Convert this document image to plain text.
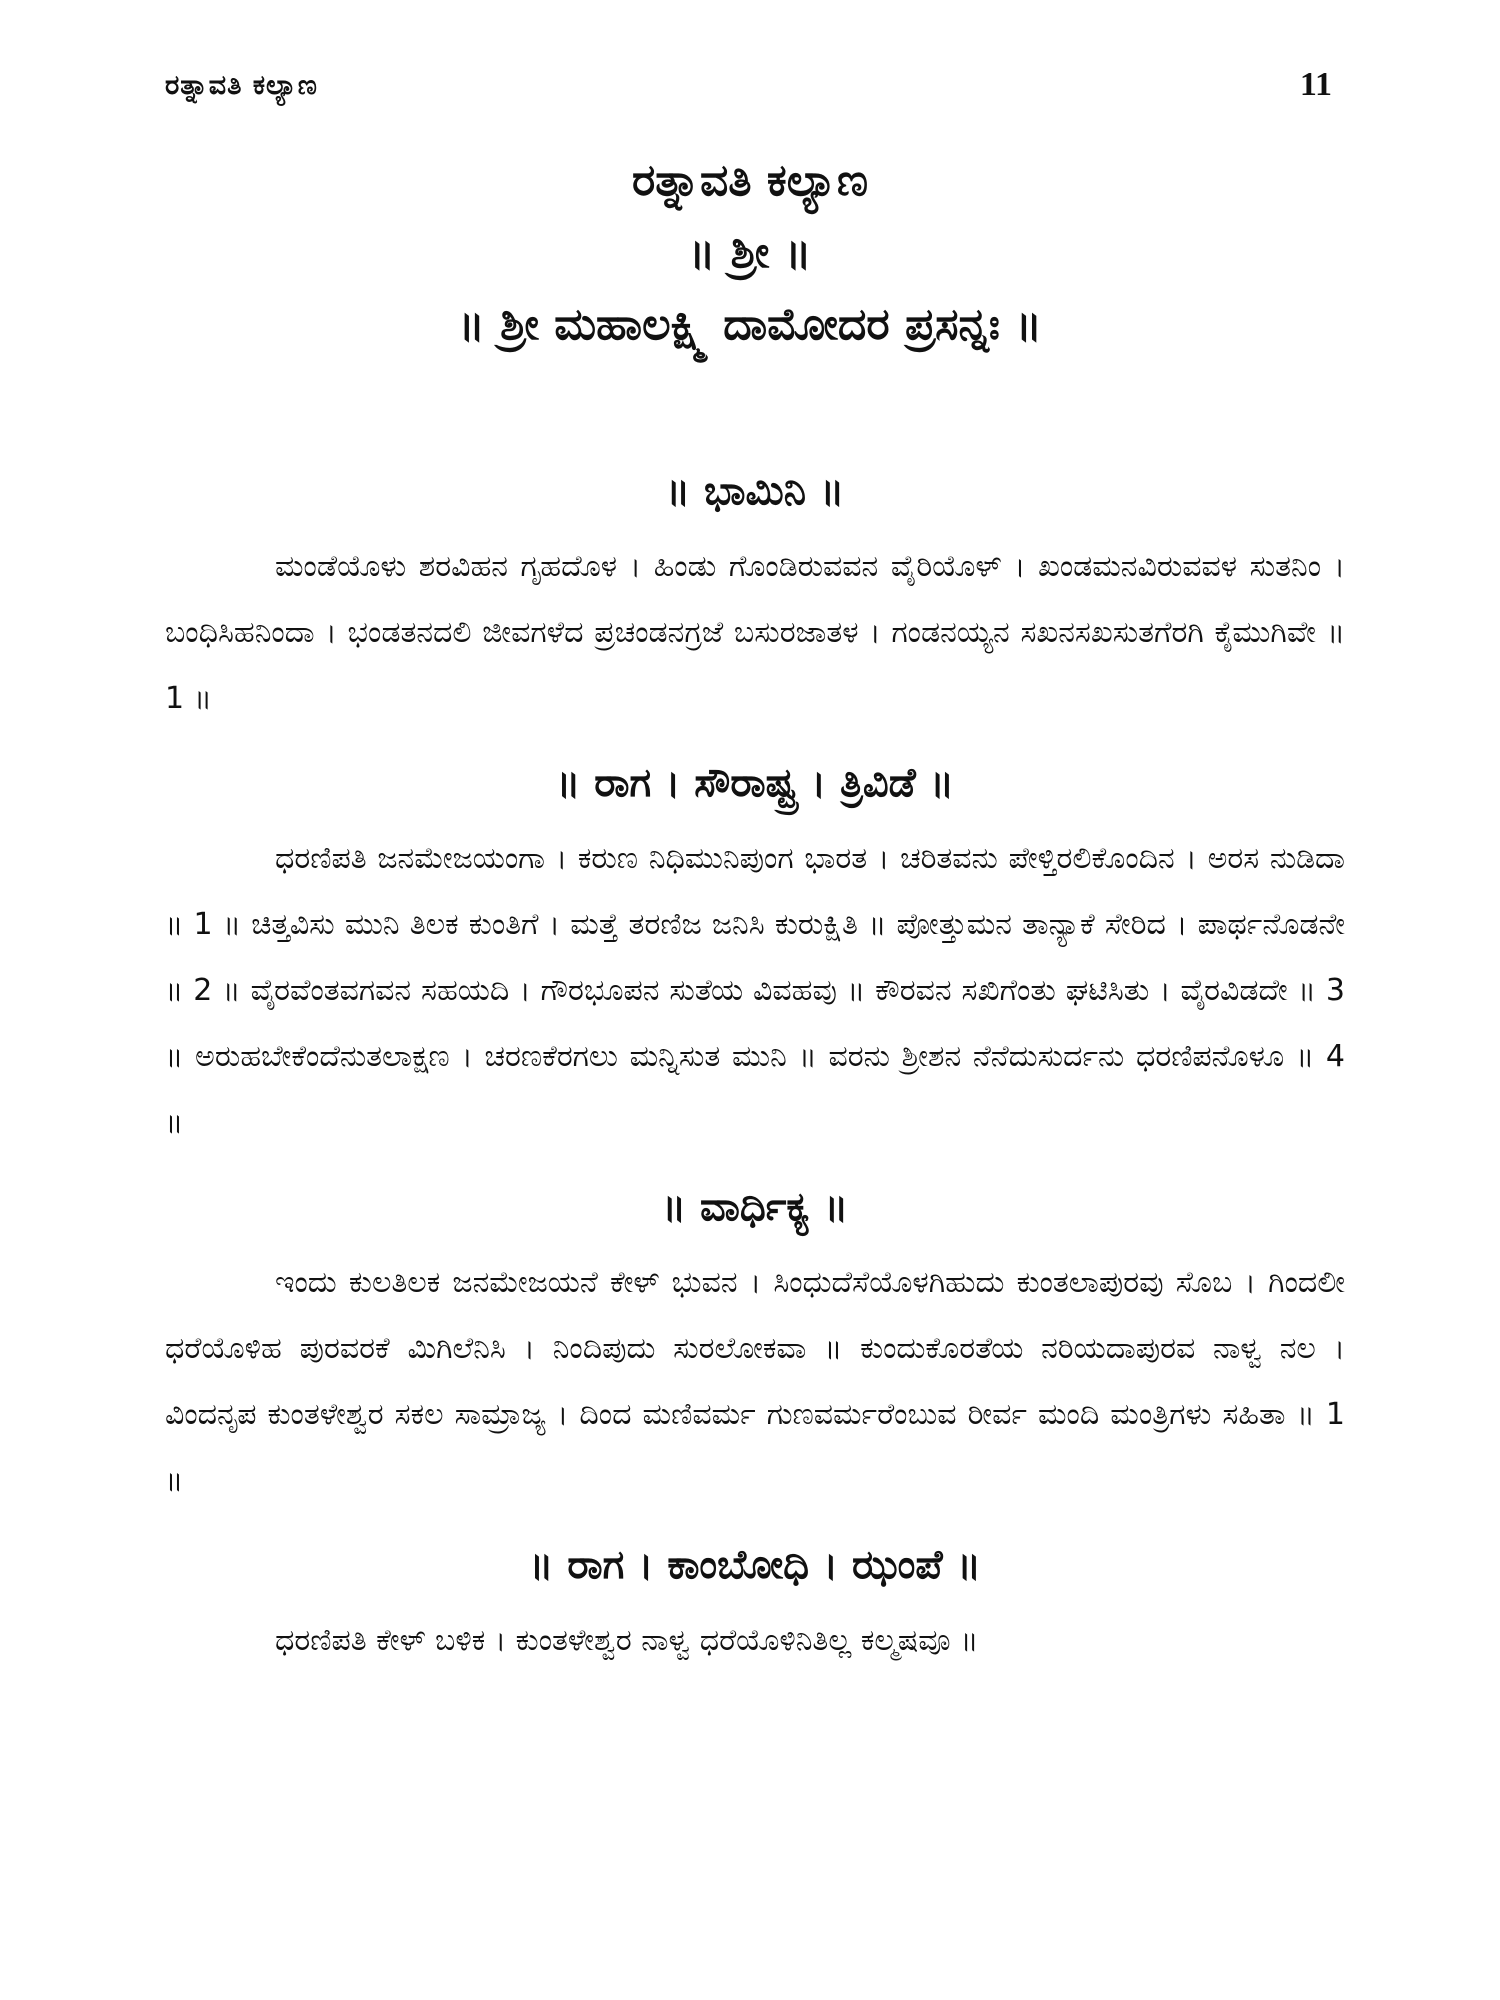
ರತ್ನಾವತಿ ಕಲ್ಯಾಣ	11
ರತ್ನಾವತಿ ಕಲ್ಯಾಣ
॥ ಶ್ರೀ ॥
॥ ಶ್ರೀ ಮಹಾಲಕ್ಷ್ಮಿ ದಾಮೋದರ ಪ್ರಸನ್ನಃ ॥
॥ ಭಾಮಿನಿ ॥
ಮಂಡೆಯೊಳು ಶರವಿಹನ ಗೃಹದೊಳ । ಹಿಂಡು ಗೊಂಡಿರುವವನ ವೈರಿಯೊಳ್ । ಖಂಡಮನವಿರುವವಳ ಸುತನಿಂ । ಬಂಧಿಸಿಹನಿಂದಾ । ಭಂಡತನದಲಿ ಜೀವಗಳೆದ ಪ್ರಚಂಡನಗ್ರಜೆ ಬಸುರಜಾತಳ । ಗಂಡನಯ್ಯನ ಸಖನಸಖಸುತಗೆರಗಿ ಕೈಮುಗಿವೇ ॥ 1 ॥
॥ ರಾಗ । ಸೌರಾಷ್ಟ್ರ । ತ್ರಿವಿಡೆ ॥
ಧರಣಿಪತಿ ಜನಮೇಜಯಂಗಾ । ಕರುಣ ನಿಧಿಮುನಿಪುಂಗ ಭಾರತ । ಚರಿತವನು ಪೇಳ್ತಿರಲಿಕೊಂದಿನ । ಅರಸ ನುಡಿದಾ ॥ 1 ॥ ಚಿತ್ತವಿಸು ಮುನಿ ತಿಲಕ ಕುಂತಿಗೆ । ಮತ್ತೆ ತರಣಿಜ ಜನಿಸಿ ಕುರುಕ್ಷಿತಿ ॥ ಪೋತ್ತುಮನ ತಾನ್ಯಾಕೆ ಸೇರಿದ । ಪಾರ್ಥನೊಡನೇ ॥ 2 ॥ ವೈರವೆಂತವಗವನ ಸಹಯದಿ । ಗೌರಭೂಪನ ಸುತೆಯ ವಿವಹವು ॥ ಕೌರವನ ಸಖಿಗೆಂತು ಘಟಿಸಿತು । ವೈರವಿಡದೇ ॥ 3 ॥ ಅರುಹಬೇಕೆಂದೆನುತಲಾಕ್ಷಣ । ಚರಣಕೆರಗಲು ಮನ್ನಿಸುತ ಮುನಿ ॥ ವರನು ಶ್ರೀಶನ ನೆನೆದುಸುರ್ದನು ಧರಣಿಪನೊಳೂ ॥ 4 ॥
॥ ವಾರ್ಧಿಕ್ಯ ॥
ಇಂದು ಕುಲತಿಲಕ ಜನಮೇಜಯನೆ ಕೇಳ್ ಭುವನ । ಸಿಂಧುದೆಸೆಯೊಳಗಿಹುದು ಕುಂತಲಾಪುರವು ಸೊಬ । ಗಿಂದಲೀ ಧರೆಯೊಳಿಹ ಪುರವರಕೆ ಮಿಗಿಲೆನಿಸಿ । ನಿಂದಿಪುದು ಸುರಲೋಕವಾ ॥ ಕುಂದುಕೊರತೆಯ ನರಿಯದಾಪುರವ ನಾಳ್ವ ನಲ । ವಿಂದನೃಪ ಕುಂತಳೇಶ್ವರ ಸಕಲ ಸಾಮ್ರಾಜ್ಯ । ದಿಂದ ಮಣಿವರ್ಮ ಗುಣವರ್ಮರೆಂಬುವ ರೀರ್ವ ಮಂದಿ ಮಂತ್ರಿಗಳು ಸಹಿತಾ ॥ 1 ॥
॥ ರಾಗ । ಕಾಂಬೋಧಿ । ಝಂಪೆ ॥
ಧರಣಿಪತಿ ಕೇಳ್ ಬಳಿಕ । ಕುಂತಳೇಶ್ವರ ನಾಳ್ವ ಧರೆಯೊಳಿನಿತಿಲ್ಲ ಕಲ್ಮಷವೂ ॥
